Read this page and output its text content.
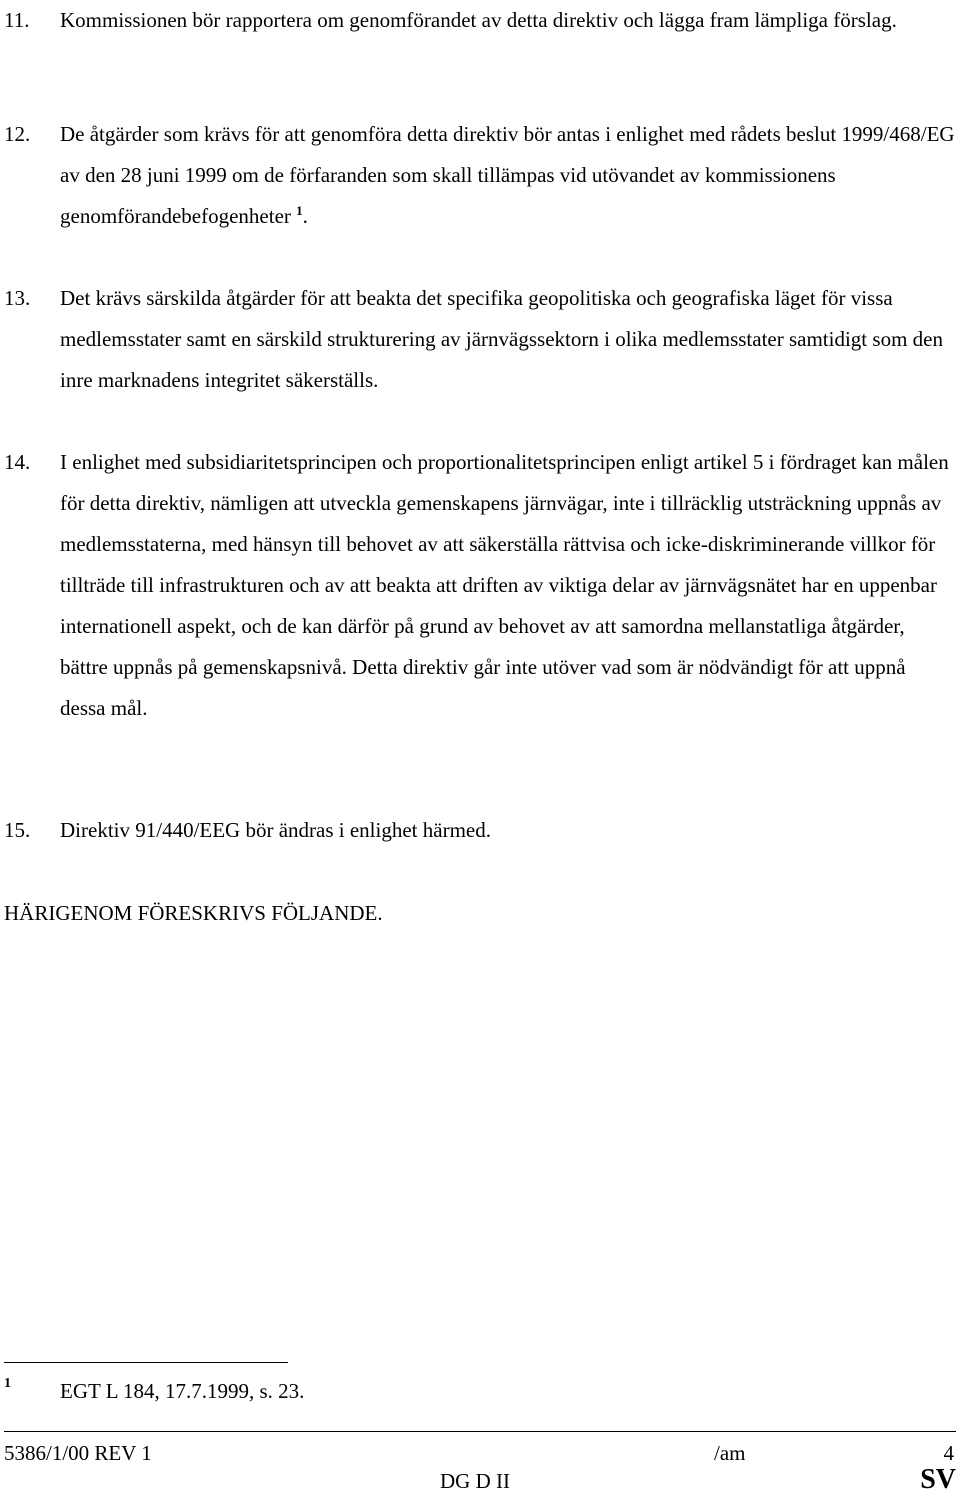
11. Kommissionen bör rapportera om genomförandet av detta direktiv och lägga fram lämpliga förslag.
12. De åtgärder som krävs för att genomföra detta direktiv bör antas i enlighet med rådets beslut 1999/468/EG av den 28 juni 1999 om de förfaranden som skall tillämpas vid utövandet av kommissionens genomförandebefogenheter $^1$.
13. Det krävs särskilda åtgärder för att beakta det specifika geopolitiska och geografiska läget för vissa medlemsstater samt en särskild strukturering av järnvägssektorn i olika medlemsstater samtidigt som den inre marknadens integritet säkerställs.
14. I enlighet med subsidiaritetsprincipen och proportionalitetsprincipen enligt artikel 5 i fördraget kan målen för detta direktiv, nämligen att utveckla gemenskapens järnvägar, inte i tillräcklig utsträckning uppnås av medlemsstaterna, med hänsyn till behovet av att säkerställa rättvisa och icke-diskriminerande villkor för tillträde till infrastrukturen och av att beakta att driften av viktiga delar av järnvägsnätet har en uppenbar internationell aspekt, och de kan därför på grund av behovet av att samordna mellanstatliga åtgärder, bättre uppnås på gemenskapsnivå. Detta direktiv går inte utöver vad som är nödvändigt för att uppnå dessa mål.
15. Direktiv 91/440/EEG bör ändras i enlighet härmed.
HÄRIGENOM FÖRESKRIVS FÖLJANDE.
1 EGT L 184, 17.7.1999, s. 23.
5386/1/00 REV 1	/am	4
DG D II	SV
